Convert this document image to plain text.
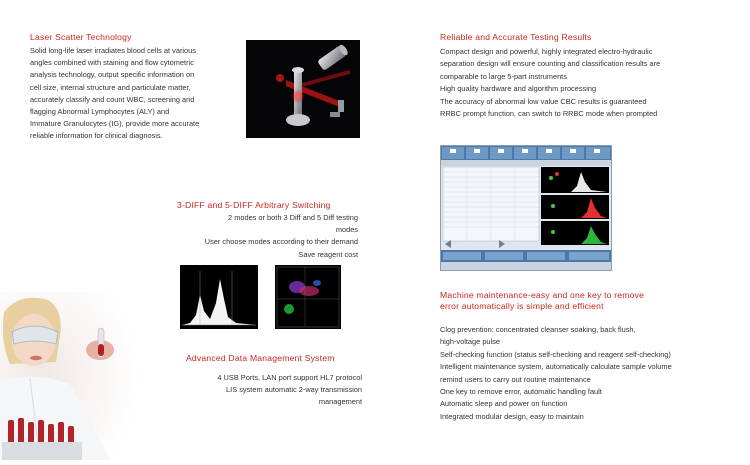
Laser Scatter Technology
Solid long-life laser irradiates blood cells at various
angles combined with staining and flow cytometric
analysis technology, output specific information on
cell size, internal structure and particulate matter,
accurately classify and count WBC, screening and
flagging Abnormal Lymphocytes (ALY) and
Immature Granulocytes (IG), provide more accurate
reliable information for clinical diagnosis.
3-DIFF and 5-DIFF Arbitrary Switching
2 modes or both 3 Diff and 5 Diff testing
modes
User choose modes according to their demand
Save reagent cost
Advanced Data Management System
4 USB Ports, LAN port support HL7 protocol
LIS system automatic 2-way transmission
management
Reliable and Accurate Testing Results
Compact design and powerful, highly integrated electro-hydraulic
separation design will ensure counting and classification results are
comparable to large 5-part instruments
High quality hardware and algorithm processing
The accuracy of abnormal low value CBC results is guaranteed
RRBC prompt function, can switch to RRBC mode when prompted
Machine maintenance-easy and one key to remove
error automatically is simple and efficient
Clog prevention: concentrated cleanser soaking, back flush,
high-voltage pulse
Self-checking function (status self-checking and reagent self-checking)
Intelligent maintenance system, automatically calculate sample volume
remind users to carry out routine maintenance
One key to remove error, automatic handling fault
Automatic sleep and power on function
Integrated modular design, easy to maintain
